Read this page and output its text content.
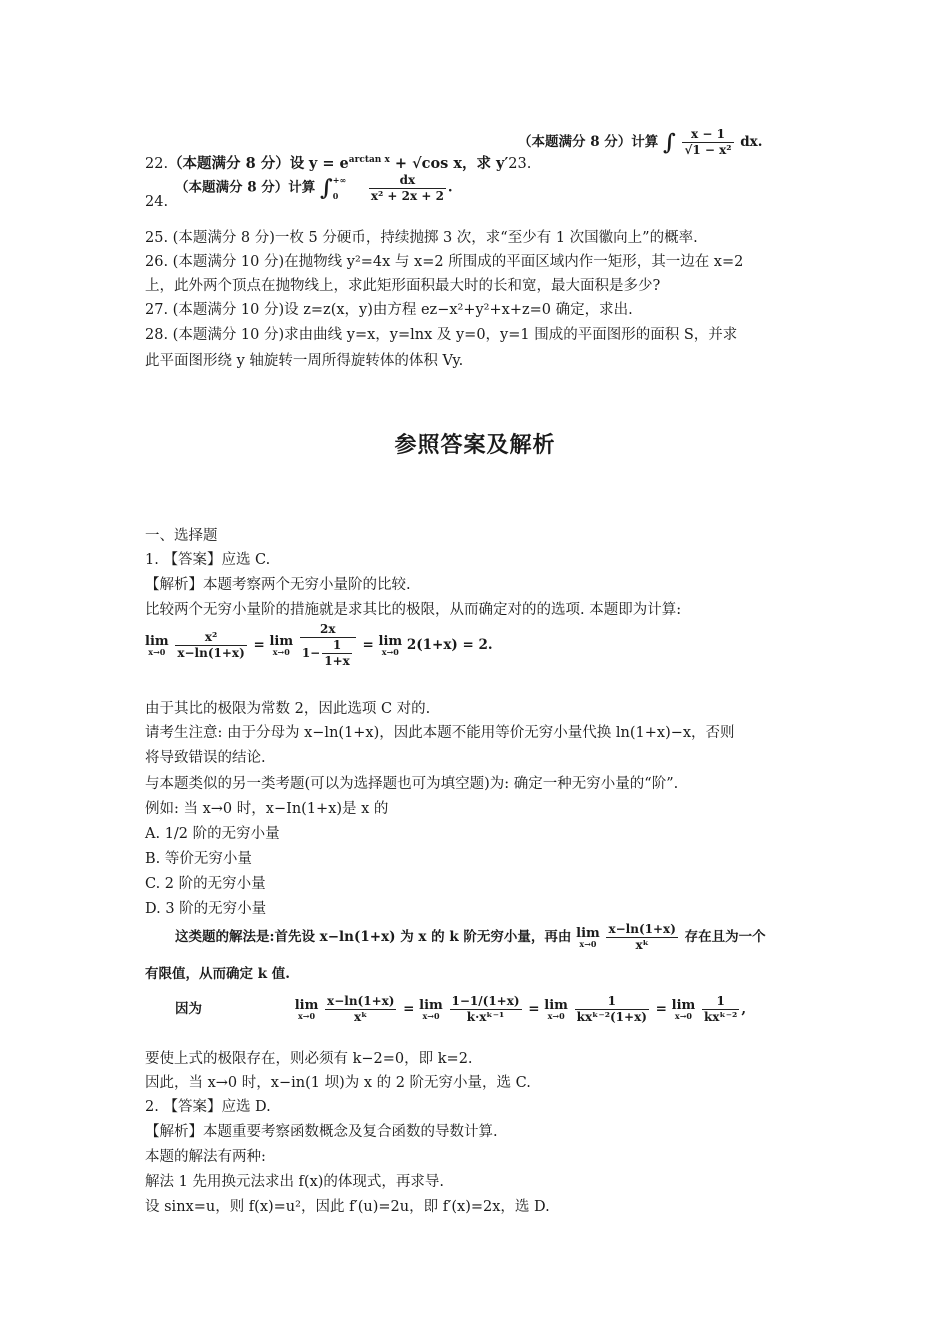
22.（本题满分 8 分）设 $y = e^{arctan x} + √\cos$ x，求 y′23.
（本题满分 8 分）计算 ∫ $\frac{x - 1}{\text{√1 − x²}}$ dx.
24.
（本题满分 8 分）计算 ∫ +∞
0
	$\frac{dx}{\text{x² + 2x + 2}}$ .
25. (本题满分 8 分)一枚 5 分硬币，持续抛掷 3 次，求“至少有 1 次国徽向上”的概率.
26. (本题满分 10 分)在抛物线 y²=4x 与 x=2 所围成的平面区域内作一矩形，其一边在 x=2
上，此外两个顶点在抛物线上，求此矩形面积最大时的长和宽，最大面积是多少?
27. (本题满分 10 分)设 z=z(x，y)由方程 ez−x²+y²+x+z=0 确定，求出.
28. (本题满分 10 分)求由曲线 y=x，y=lnx 及 y=0，y=1 围成的平面图形的面积 S，并求
此平面图形绕 y 轴旋转一周所得旋转体的体积 Vy.
参照答案及解析
一、选择题
1. 【答案】应选 C.
【解析】本题考察两个无穷小量阶的比较.
比较两个无穷小量阶的措施就是求其比的极限，从而确定对的的选项. 本题即为计算:
lim
x→0
$\frac{\text{x²}}{x-\ln(1+x)} = \lim$
x→0
$\frac{2x}{1- \frac{1}{1+x}} = \lim$
x→0 2(1+x) = 2.
由于其比的极限为常数 2，因此选项 C 对的.
请考生注意: 由于分母为 x−ln(1+x)，因此本题不能用等价无穷小量代换 ln(1+x)−x，否则
将导致错误的结论.
与本题类似的另一类考题(可以为选择题也可为填空题)为: 确定一种无穷小量的“阶”.
例如: 当 x→0 时，x−In(1+x)是 x 的
A. 1/2 阶的无穷小量
B. 等价无穷小量
C. 2 阶的无穷小量
D. 3 阶的无穷小量
这类题的解法是:首先设 x−ln(1+x) 为 x 的 k 阶无穷小量，再由 lim
x→0
$\frac{x-\ln(1+x)}{\text{xᵏ}}$ 存在且为一个
有限值，从而确定 k 值.
因为	lim
x→0
$\frac{x-\ln(1+x)}{\text{xᵏ}} = \lim$
x→0
$\frac{1-1/(1+x)}{\text{k·xᵏ⁻¹}} = \lim$
x→0
$\frac{1}{\text{kxᵏ⁻²(1+x)}} = \lim$
x→0
$\frac{1}{\text{kxᵏ⁻²}}$ ,
要使上式的极限存在，则必须有 k−2=0，即 k=2.
因此，当 x→0 时，x−in(1 坝)为 x 的 2 阶无穷小量，选 C.
2. 【答案】应选 D.
【解析】本题重要考察函数概念及复合函数的导数计算.
本题的解法有两种:
解法 1 先用换元法求出 f(x)的体现式，再求导.
设 sinx=u，则 f(x)=u²，因此 f′(u)=2u，即 f′(x)=2x，选 D.
